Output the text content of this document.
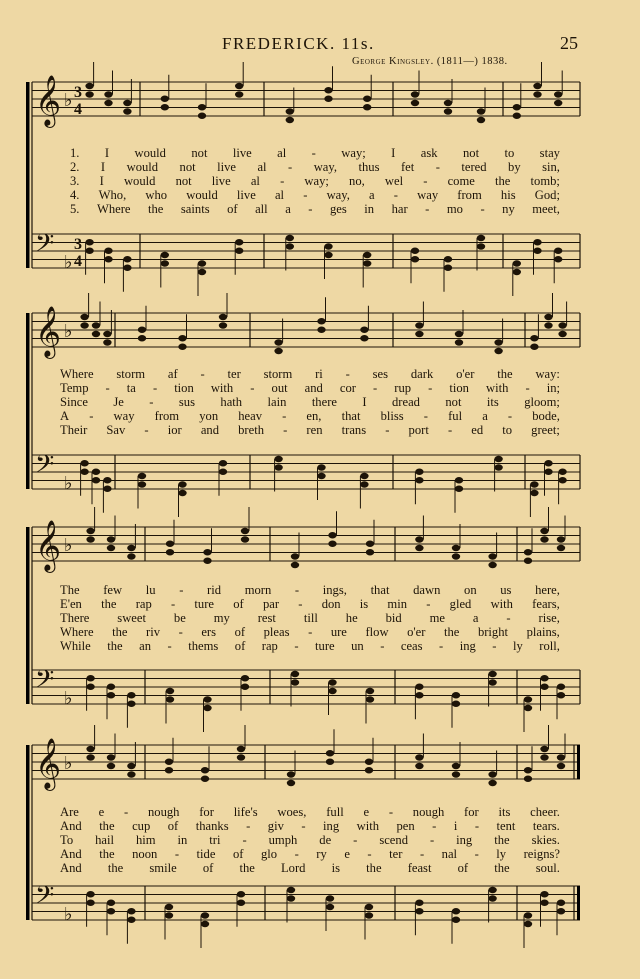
FREDERICK. 11s.	25
George Kingsley. (1811—) 1838.
𝄞 ♭ 3
4
𝄢 ♭
3
4
𝄞 ♭
𝄢 ♭
𝄞 ♭
𝄢 ♭
𝄞 ♭
𝄢 ♭
1. I would not live al - way; I ask not to stay
2. I would not live al - way, thus fet - tered by sin,
3. I would not live al - way; no, wel - come the tomb;
4. Who, who would live al - way, a - way from his God;
5. Where the saints of all a - ges in har - mo - ny meet,
Where storm af - ter storm ri - ses dark o'er the way:
Temp - ta - tion with - out and cor - rup - tion with - in;
Since Je - sus hath lain there I dread not its gloom;
A - way from yon heav - en, that bliss - ful a - bode,
Their Sav - ior and breth - ren trans - port - ed to greet;
The few lu - rid morn - ings, that dawn on us here,
E'en the rap - ture of par - don is min - gled with fears,
There sweet be my rest till he bid me a - rise,
Where the riv - ers of pleas - ure flow o'er the bright plains,
While the an - thems of rap - ture un - ceas - ing - ly roll,
Are e - nough for life's woes, full e - nough for its cheer.
And the cup of thanks - giv - ing with pen - i - tent tears.
To hail him in tri - umph de - scend - ing the skies.
And the noon - tide of glo - ry e - ter - nal - ly reigns?
And the smile of the Lord is the feast of the soul.
